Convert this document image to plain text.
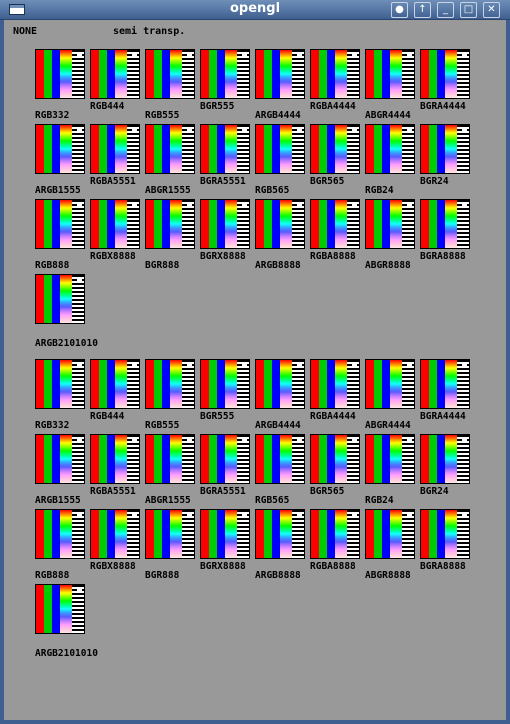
opengl	●	↑	_	□	✕
NONE	semi transp.
RGB332
RGB444
RGB555
BGR555
ARGB4444
RGBA4444
ABGR4444
BGRA4444
ARGB1555
RGBA5551
ABGR1555
BGRA5551
RGB565
BGR565
RGB24
BGR24
RGB888
RGBX8888
BGR888
BGRX8888
ARGB8888
RGBA8888
ABGR8888
BGRA8888
ARGB2101010
RGB332
RGB444
RGB555
BGR555
ARGB4444
RGBA4444
ABGR4444
BGRA4444
ARGB1555
RGBA5551
ABGR1555
BGRA5551
RGB565
BGR565
RGB24
BGR24
RGB888
RGBX8888
BGR888
BGRX8888
ARGB8888
RGBA8888
ABGR8888
BGRA8888
ARGB2101010
